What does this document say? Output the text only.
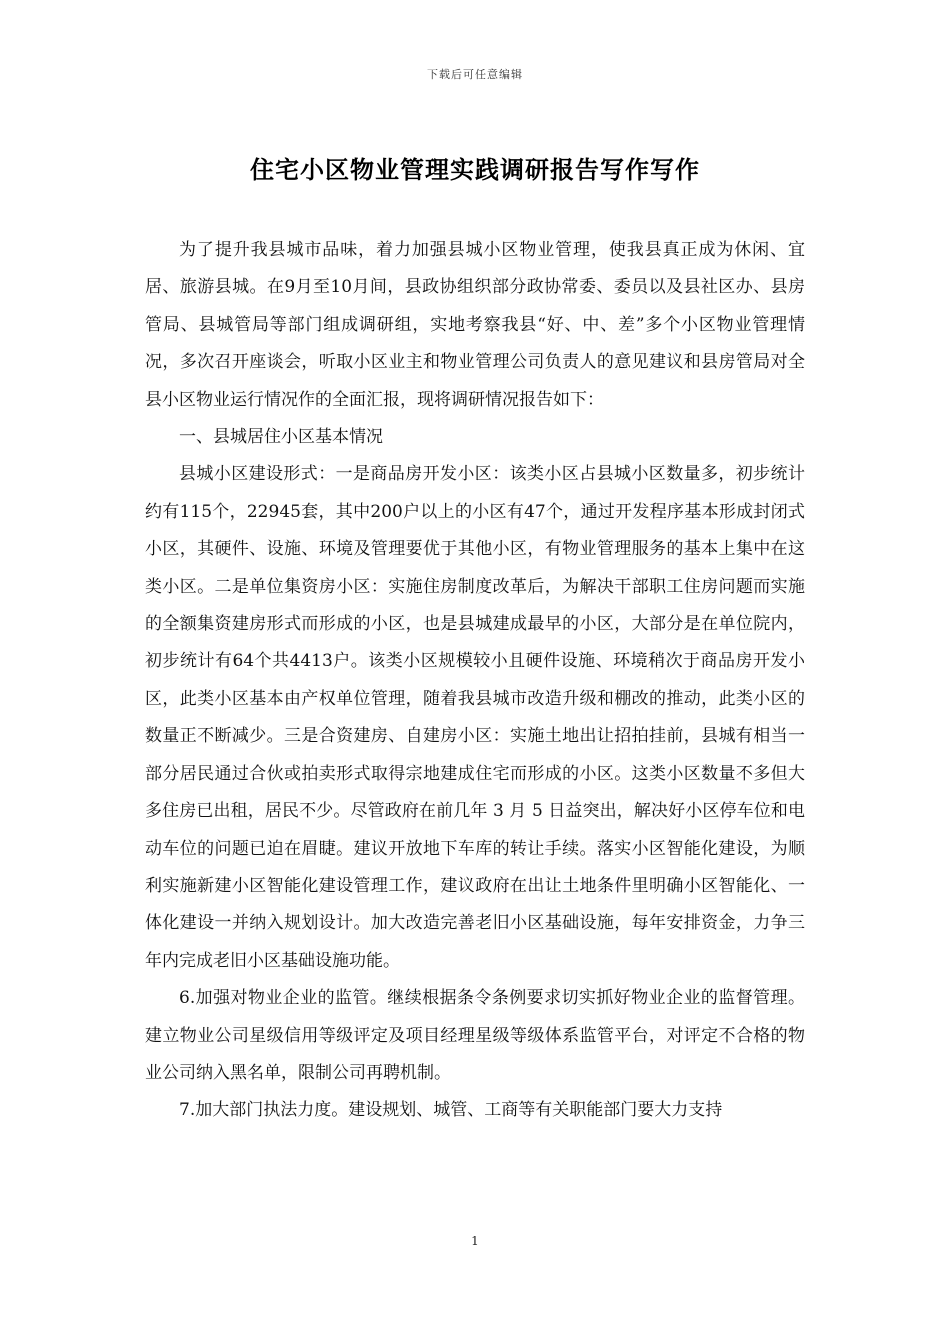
下载后可任意编辑
住宅小区物业管理实践调研报告写作写作

为了提升我县城市品味，着力加强县城小区物业管理，使我县真正成为休闲、宜居、旅游县城。在9月至10月间，县政协组织部分政协常委、委员以及县社区办、县房管局、县城管局等部门组成调研组，实地考察我县“好、中、差”多个小区物业管理情况，多次召开座谈会，听取小区业主和物业管理公司负责人的意见建议和县房管局对全县小区物业运行情况作的全面汇报，现将调研情况报告如下：

一、县城居住小区基本情况

县城小区建设形式：一是商品房开发小区：该类小区占县城小区数量多，初步统计约有115个，22945套，其中200户以上的小区有47个，通过开发程序基本形成封闭式小区，其硬件、设施、环境及管理要优于其他小区，有物业管理服务的基本上集中在这类小区。二是单位集资房小区：实施住房制度改革后，为解决干部职工住房问题而实施的全额集资建房形式而形成的小区，也是县城建成最早的小区，大部分是在单位院内，初步统计有64个共4413户。该类小区规模较小且硬件设施、环境稍次于商品房开发小区，此类小区基本由产权单位管理，随着我县城市改造升级和棚改的推动，此类小区的数量正不断减少。三是合资建房、自建房小区：实施土地出让招拍挂前，县城有相当一部分居民通过合伙或拍卖形式取得宗地建成住宅而形成的小区。这类小区数量不多但大多住房已出租，居民不少。尽管政府在前几年 3 月 5 日益突出，解决好小区停车位和电动车位的问题已迫在眉睫。建议开放地下车库的转让手续。落实小区智能化建设，为顺利实施新建小区智能化建设管理工作，建议政府在出让土地条件里明确小区智能化、一体化建设一并纳入规划设计。加大改造完善老旧小区基础设施，每年安排资金，力争三年内完成老旧小区基础设施功能。

6.加强对物业企业的监管。继续根据条令条例要求切实抓好物业企业的监督管理。建立物业公司星级信用等级评定及项目经理星级等级体系监管平台，对评定不合格的物业公司纳入黑名单，限制公司再聘机制。

7.加大部门执法力度。建设规划、城管、工商等有关职能部门要大力支持

1
